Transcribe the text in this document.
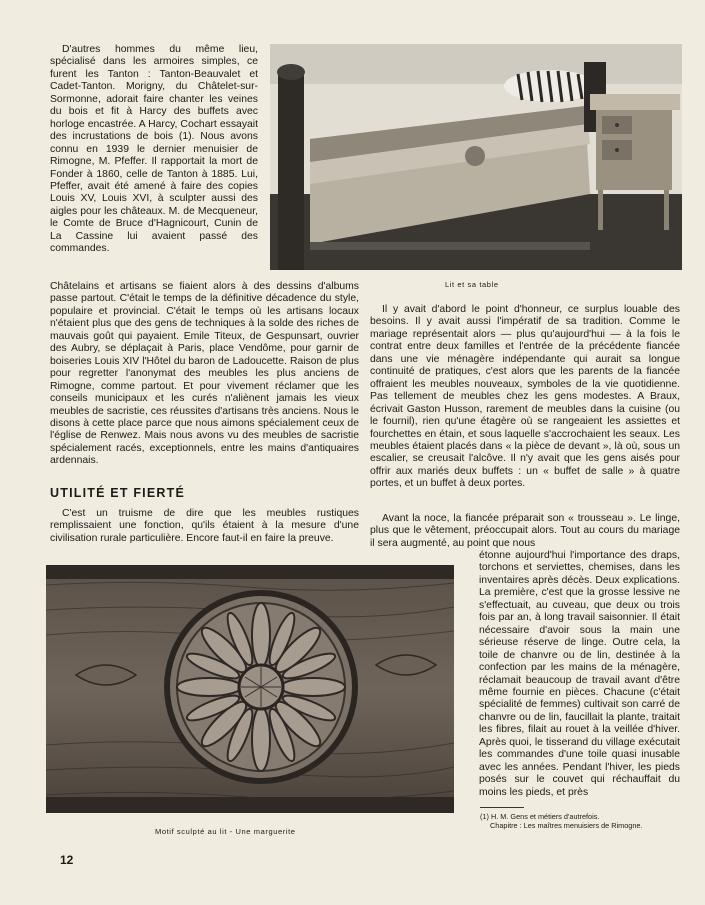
D'autres hommes du même lieu, spécialisé dans les armoires simples, ce furent les Tanton : Tanton-Beauvalet et Cadet-Tanton. Morigny, du Châtelet-sur-Sormonne, adorait faire chanter les veines du bois et fit à Harcy des buffets avec horloge encastrée. A Harcy, Cochart essayait des incrustations de bois (1). Nous avons connu en 1939 le dernier menuisier de Rimogne, M. Pfeffer. Il rapportait la mort de Fonder à 1860, celle de Tanton à 1885. Lui, Pfeffer, avait été amené à faire des copies Louis XV, Louis XVI, à sculpter aussi des aigles pour les châteaux. M. de Mecqueneur, le Comte de Bruce d'Hagnicourt, Cunin de La Cassine lui avaient passé des commandes.

Lit et sa table

Châtelains et artisans se fiaient alors à des dessins d'albums passe partout. C'était le temps de la définitive décadence du style, populaire et provincial. C'était le temps où les artisans locaux n'étaient plus que des gens de techniques à la solde des riches de mauvais goût qui payaient. Emile Titeux, de Gespunsart, ouvrier des Aubry, se déplaçait à Paris, place Vendôme, pour garnir de boiseries Louis XIV l'Hôtel du baron de Ladoucette. Raison de plus pour regretter l'anonymat des meubles les plus anciens de Rimogne, comme partout. Et pour vivement réclamer que les conseils municipaux et les curés n'aliènent jamais les vieux meubles de sacristie, ces réussites d'artisans très anciens. Nous le disons à cette place parce que nous aimons spécialement ceux de l'église de Renwez. Mais nous avons vu des meubles de sacristie spécialement racés, exceptionnels, entre les mains d'antiquaires ardennais.

UTILITÉ ET FIERTÉ

C'est un truisme de dire que les meubles rustiques remplissaient une fonction, qu'ils étaient à la mesure d'une civilisation rurale particulière. Encore faut-il en faire la preuve.

Il y avait d'abord le point d'honneur, ce surplus louable des besoins. Il y avait aussi l'impératif de sa tradition. Comme le mariage représentait alors — plus qu'aujourd'hui — à la fois le contrat entre deux familles et l'entrée de la précédente fiancée dans une vie ménagère indépendante qui aurait sa longue continuité de pratiques, c'est alors que les parents de la fiancée offraient les meubles nouveaux, symboles de la vie quotidienne. Pas tellement de meubles chez les gens modestes. A Braux, écrivait Gaston Husson, rarement de meubles dans la cuisine (ou le fournil), rien qu'une étagère où se rangeaient les assiettes et fourchettes en étain, et sous laquelle s'accrochaient les seaux. Les meubles étaient placés dans « la pièce de devant », là où, sous un escalier, se creusait l'alcôve. Il n'y avait que les gens aisés pour offrir aux mariés deux buffets : un « buffet de salle » à quatre portes, et un buffet à deux portes.

Avant la noce, la fiancée préparait son « trousseau ». Le linge, plus que le vêtement, préoccupait alors. Tout au cours du mariage il sera augmenté, au point que nous

étonne aujourd'hui l'importance des draps, torchons et serviettes, chemises, dans les inventaires après décès. Deux explications. La première, c'est que la grosse lessive ne s'effectuait, au cuveau, que deux ou trois fois par an, à long travail saisonnier. Il était nécessaire d'avoir sous la main une sérieuse réserve de linge. Outre cela, la toile de chanvre ou de lin, destinée à la confection par les mains de la ménagère, réclamait beaucoup de travail avant d'être même fournie en pièces. Chacune (c'était spécialité de femmes) cultivait son carré de chanvre ou de lin, faucillait la plante, traitait les fibres, filait au rouet à la veillée d'hiver. Après quoi, le tisserand du village exécutait les commandes d'une toile quasi inusable avec les années. Pendant l'hiver, les pieds posés sur le couvet qui réchauffait du moins les pieds, et près

(1) H. M. Gens et métiers d'autrefois.
Chapitre : Les maîtres menuisiers de Rimogne.

Motif sculpté au lit - Une marguerite

12
